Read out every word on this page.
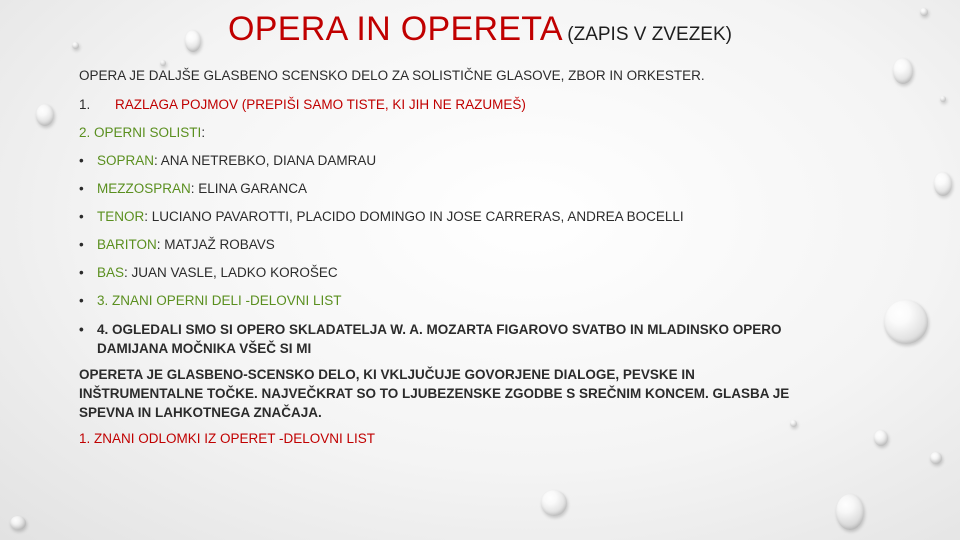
OPERA IN OPERETA (ZAPIS V ZVEZEK)
OPERA JE DALJŠE GLASBENO SCENSKO DELO ZA SOLISTIČNE GLASOVE, ZBOR IN ORKESTER.
1. RAZLAGA POJMOV (PREPIŠI SAMO TISTE, KI JIH NE RAZUMEŠ)
2. OPERNI SOLISTI:
• SOPRAN: ANA NETREBKO, DIANA DAMRAU
• MEZZOSPRAN: ELINA GARANCA
• TENOR: LUCIANO PAVAROTTI, PLACIDO DOMINGO IN JOSE CARRERAS, ANDREA BOCELLI
• BARITON: MATJAŽ ROBAVS
• BAS: JUAN VASLE, LADKO KOROŠEC
• 3. ZNANI OPERNI DELI -DELOVNI LIST
• 4. OGLEDALI SMO SI OPERO SKLADATELJA W. A. MOZARTA FIGAROVO SVATBO IN MLADINSKO OPERO
DAMIJANA MOČNIKA VŠEČ SI MI
OPERETA JE GLASBENO-SCENSKO DELO, KI VKLJUČUJE GOVORJENE DIALOGE, PEVSKE IN
INŠTRUMENTALNE TOČKE. NAJVEČKRAT SO TO LJUBEZENSKE ZGODBE S SREČNIM KONCEM. GLASBA JE
SPEVNA IN LAHKOTNEGA ZNAČAJA.
1. ZNANI ODLOMKI IZ OPERET -DELOVNI LIST
